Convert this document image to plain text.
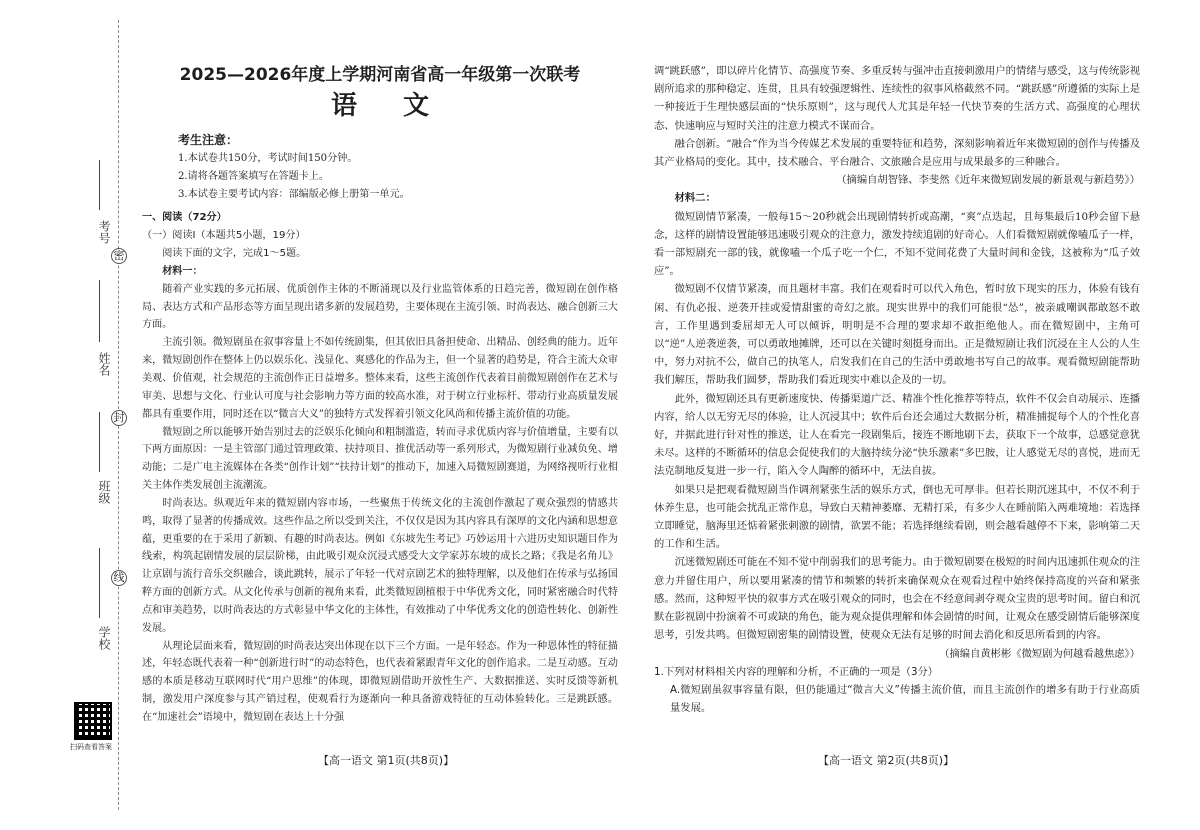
考号
姓名
班级
学校
密
封
线
扫码查看答案
2025—2026年度上学期河南省高一年级第一次联考
语文
考生注意：
1.本试卷共150分，考试时间150分钟。
2.请将各题答案填写在答题卡上。
3.本试卷主要考试内容：部编版必修上册第一单元。
一、阅读（72分）
（一）阅读Ⅰ（本题共5小题，19分）
阅读下面的文字，完成1～5题。
材料一：

随着产业实践的多元拓展、优质创作主体的不断涌现以及行业监管体系的日趋完善，微短剧在创作格局、表达方式和产品形态等方面呈现出诸多新的发展趋势，主要体现在主流引领、时尚表达、融合创新三大方面。

主流引领。微短剧虽在叙事容量上不如传统剧集，但其依旧具备担使命、出精品、创经典的能力。近年来，微短剧创作在整体上仍以娱乐化、浅显化、爽感化的作品为主，但一个显著的趋势是，符合主流大众审美观、价值观，社会规范的主流创作正日益增多。整体来看，这些主流创作代表着目前微短剧创作在艺术与审美、思想与文化、行业认可度与社会影响力等方面的较高水准，对于树立行业标杆、带动行业高质量发展都具有重要作用，同时还在以“微言大义”的独特方式发挥着引领文化风尚和传播主流价值的功能。

微短剧之所以能够开始告别过去的泛娱乐化倾向和粗制滥造，转而寻求优质内容与价值增量，主要有以下两方面原因：一是主管部门通过管理政策、扶持项目、推优活动等一系列形式，为微短剧行业减负免、增动能；二是广电主流媒体在各类“创作计划”“扶持计划”的推动下，加速入局微短剧赛道，为网络视听行业相关主体作类发展创主流潮流。

时尚表达。纵观近年来的微短剧内容市场，一些聚焦于传统文化的主流创作激起了观众强烈的情感共鸣，取得了显著的传播成效。这些作品之所以受到关注，不仅仅是因为其内容具有深厚的文化内涵和思想意蕴，更重要的在于采用了新颖、有趣的时尚表达。例如《东坡先生考记》巧妙运用十六进历史知识题目作为线索，构筑起剧情发展的层层阶梯，由此吸引观众沉浸式感受大文学家苏东坡的成长之路；《我是名角儿》让京剧与流行音乐交织融合，谈此跳转，展示了年轻一代对京剧艺术的独特理解，以及他们在传承与弘扬国粹方面的创新方式。从文化传承与创新的视角来看，此类微短剧植根于中华优秀文化，同时紧密融合时代特点和审美趋势，以时尚表达的方式彰显中华文化的主体性，有效推动了中华优秀文化的创造性转化、创新性发展。

从理论层面来看，微短剧的时尚表达突出体现在以下三个方面。一是年轻态。作为一种恩体性的特征描述，年轻态既代表着一种“创新进行时”的动态特色，也代表着紧跟青年文化的创作追求。二是互动感。互动感的本质是移动互联网时代“用户思维”的体现，即微短剧借助开放性生产、大数据推送、实时反馈等新机制，激发用户深度参与其产销过程，使观看行为逐渐向一种具备游戏特征的互动体验转化。三是跳跃感。在“加速社会”语境中，微短剧在表达上十分强

【高一语文 第1页(共8页)】

调“跳跃感”，即以碎片化情节、高强度节奏、多重反转与强冲击直接刺激用户的情绪与感受，这与传统影视剧所追求的那种稳定、连贯，且具有较强逻辑性、连续性的叙事风格截然不同。“跳跃感”所遵循的实际上是一种接近于生理快感层面的“快乐原则”，这与现代人尤其是年轻一代快节奏的生活方式、高强度的心理状态、快速响应与短时关注的注意力模式不谋而合。

融合创新。“融合”作为当今传媒艺术发展的重要特征和趋势，深刻影响着近年来微短剧的创作与传播及其产业格局的变化。其中，技术融合、平台融合、文旅融合是应用与成果最多的三种融合。

（摘编自胡智锋、李斐然《近年来微短剧发展的新景观与新趋势》）

材料二：

微短剧情节紧凑，一般每15～20秒就会出现剧情转折或高潮，“爽”点迭起，且每集最后10秒会留下悬念，这样的剧情设置能够迅速吸引观众的注意力，激发持续追剧的好奇心。人们看微短剧就像嗑瓜子一样，看一部短剧充一部的钱，就像嗑一个瓜子吃一个仁，不知不觉间花费了大量时间和金钱，这被称为“瓜子效应”。

微短剧不仅情节紧凑，而且题材丰富。我们在观看时可以代入角色，暂时放下现实的压力，体验有钱有闲、有仇必报、逆袭开挂或爱情甜蜜的奇幻之旅。现实世界中的我们可能很“怂”，被亲戚嘲讽都敢怒不敢言，工作里遇到委屈却无人可以倾诉，明明是不合理的要求却不敢拒绝他人。而在微短剧中，主角可以“逆”人逆袭逆袭，可以勇敢地摊牌，还可以在关键时刻挺身而出。正是微短剧让我们沉浸在主人公的人生中，努力对抗不公，做自己的执笔人，启发我们在自己的生活中勇敢地书写自己的故事。观看微短剧能帮助我们解压，帮助我们圆梦，帮助我们看近现实中难以企及的一切。

此外，微短剧还具有更新速度快、传播渠道广泛、精准个性化推荐等特点，软件不仅会自动展示、连播内容，给人以无穷无尽的体验，让人沉浸其中；软件后台还会通过大数据分析，精准捕捉每个人的个性化喜好，并据此进行针对性的推送，让人在看完一段剧集后，接连不断地刷下去，获取下一个故事，总感觉意犹未尽。这样的不断循环的信息会促使我们的大脑持续分泌“快乐激素”多巴胺，让人感觉无尽的喜悦，进而无法克制地反复进一步一行，陷入令人陶醉的循环中，无法自拔。

如果只是把观看微短剧当作调剂紧张生活的娱乐方式，倒也无可厚非。但若长期沉迷其中，不仅不利于休养生息，也可能会扰乱正常作息，导致白天精神萎靡、无精打采，有多少人在睡前陷入两难境地：若选择立即睡觉，脑海里还惦着紧张刺激的剧情，欲罢不能；若选择继续看剧，则会越看越停不下来，影响第二天的工作和生活。

沉迷微短剧还可能在不知不觉中削弱我们的思考能力。由于微短剧要在极短的时间内迅速抓住观众的注意力并留住用户，所以要用紧凑的情节和频繁的转折来确保观众在观看过程中始终保持高度的兴奋和紧张感。然而，这种短平快的叙事方式在吸引观众的同时，也会在不经意间剥夺观众宝贵的思考时间。留白和沉默在影视剧中扮演着不可或缺的角色，能为观众提供理解和体会剧情的时间，让观众在感受剧情后能够深度思考，引发共鸣。但微短剧密集的剧情设置，使观众无法有足够的时间去消化和反思所看到的内容。

（摘编自黄彬彬《微短剧为何越看越焦虑》）

1.下列对材料相关内容的理解和分析，不正确的一项是（3分）

A.微短剧虽叙事容量有限，但仍能通过“微言大义”传播主流价值，而且主流创作的增多有助于行业高质量发展。

【高一语文 第2页(共8页)】
